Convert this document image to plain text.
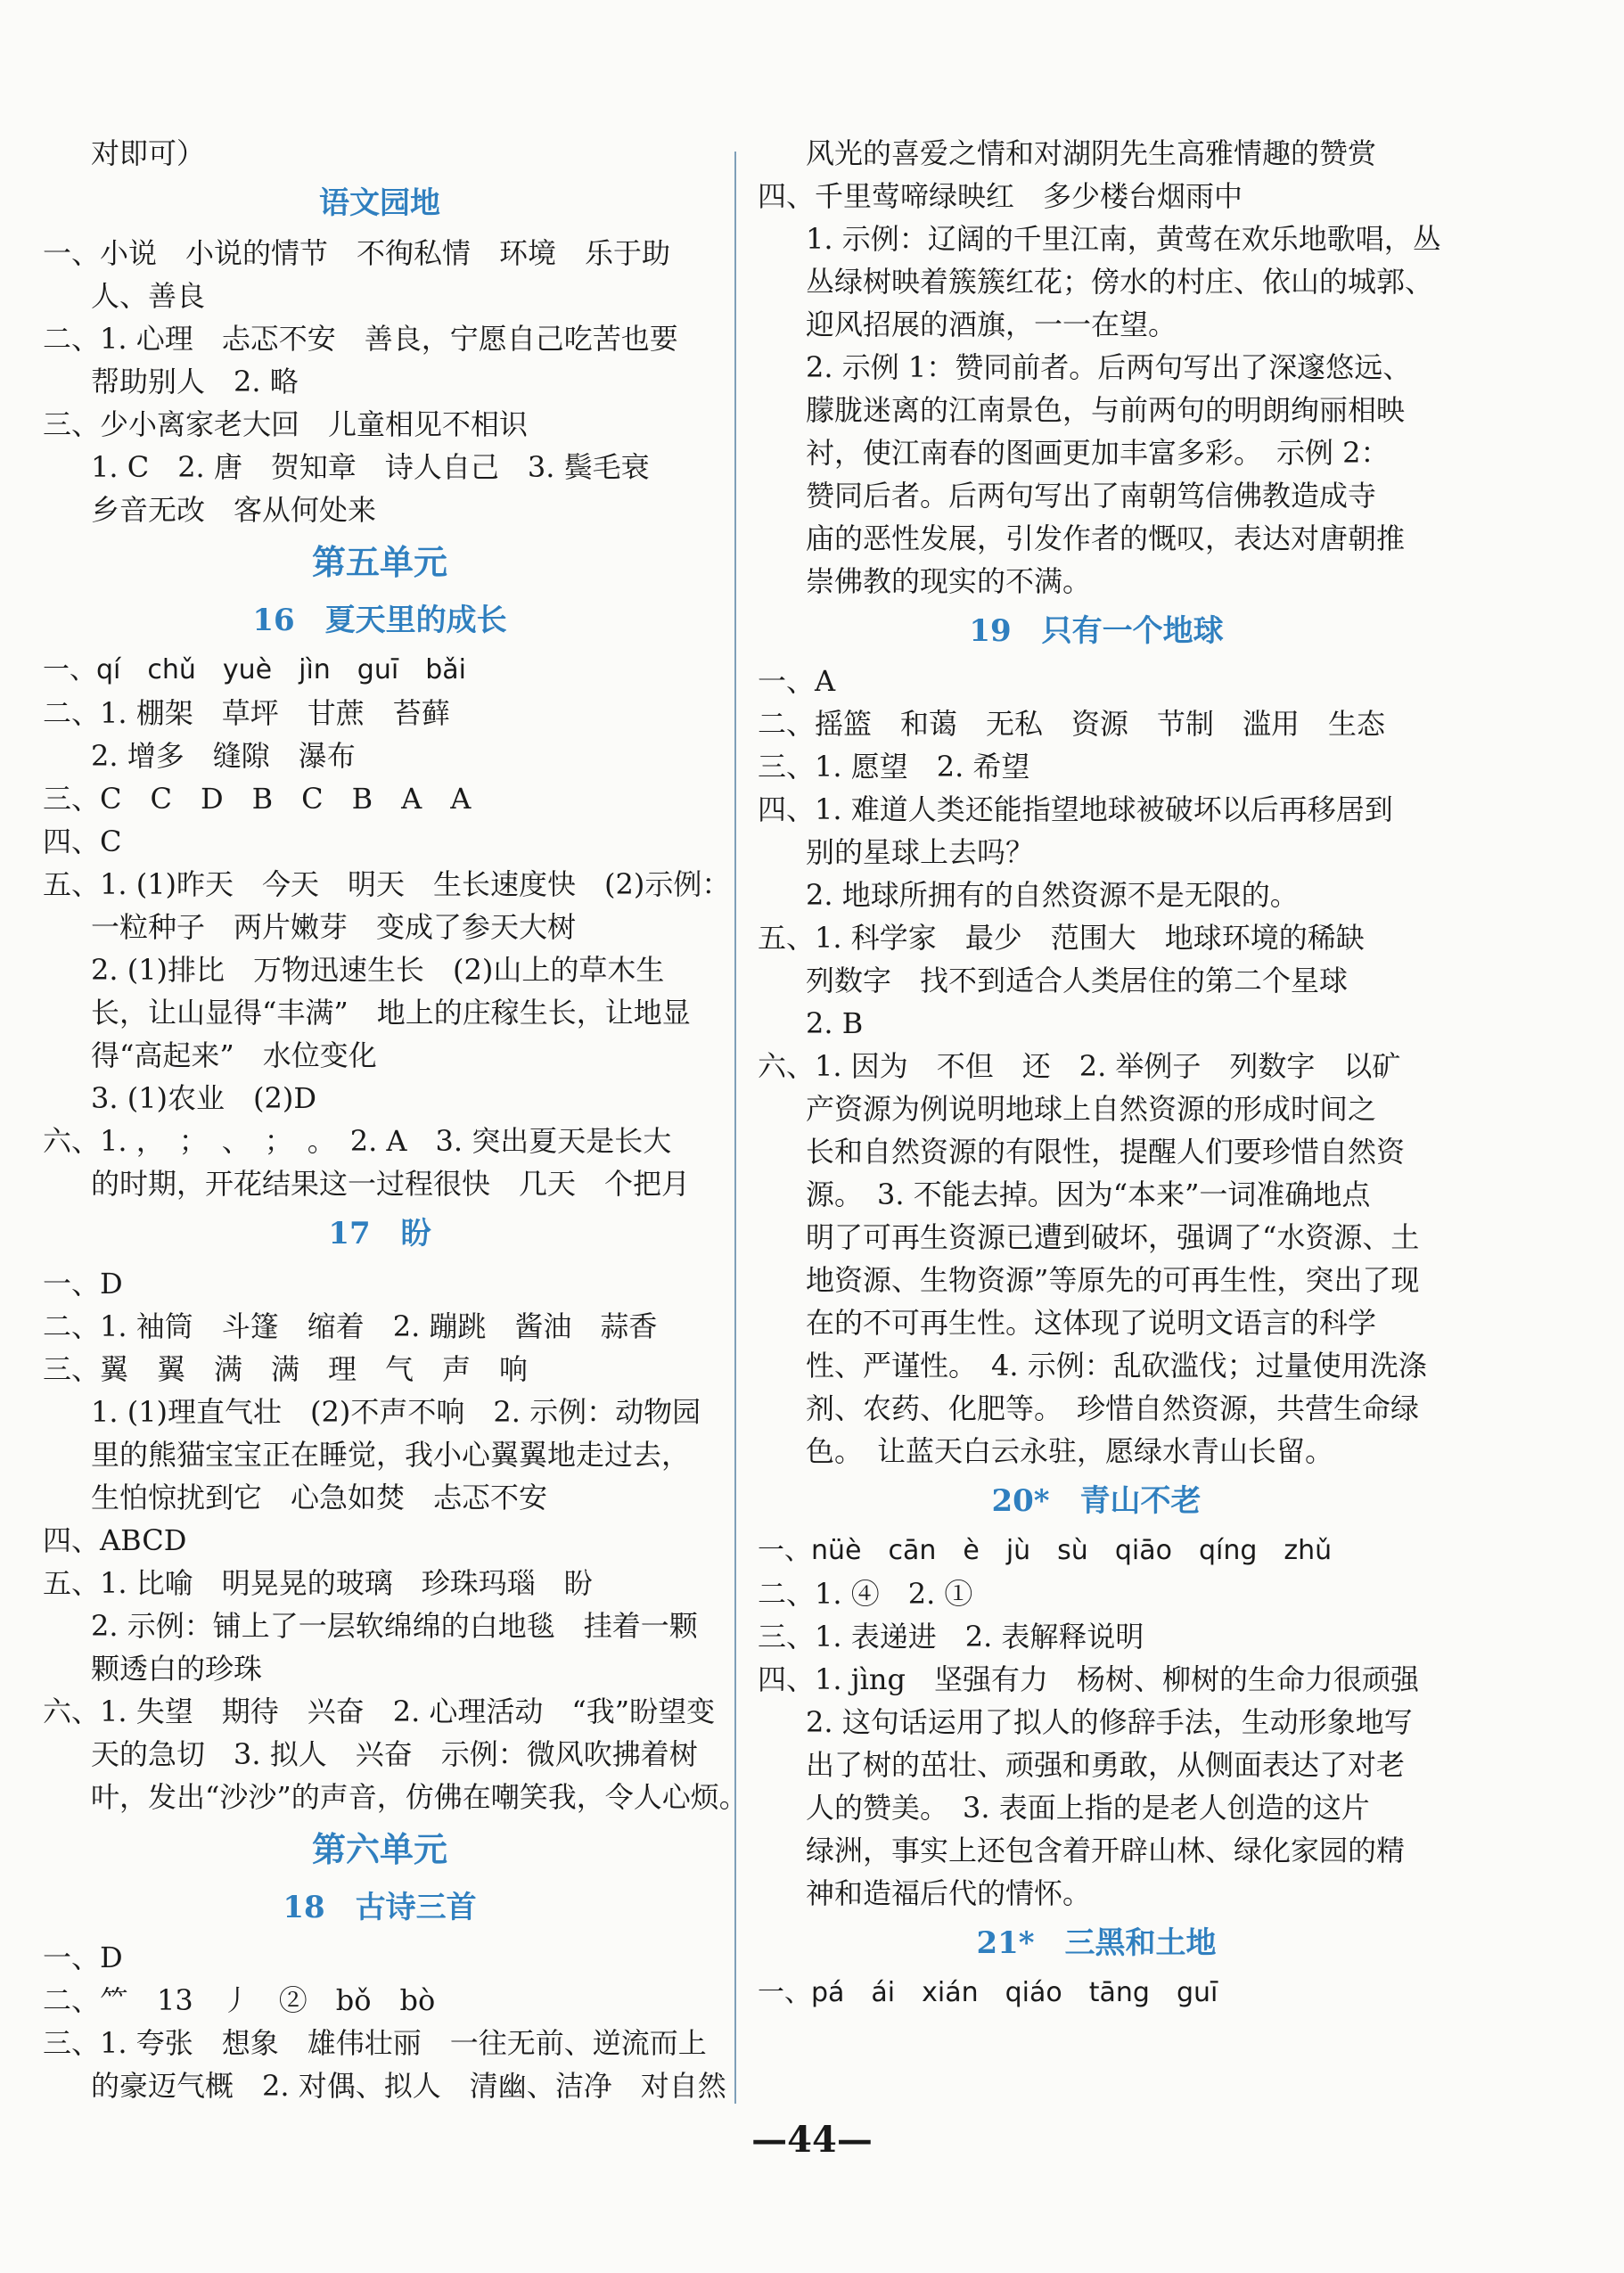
对即可）
语文园地
一、小说　小说的情节　不徇私情　环境　乐于助
人、善良
二、1. 心理　忐忑不安　善良，宁愿自己吃苦也要
帮助别人　2. 略
三、少小离家老大回　儿童相见不相识
1. C　2. 唐　贺知章　诗人自己　3. 鬓毛衰
乡音无改　客从何处来
第五单元
16　夏天里的成长
一、qí　chǔ　yuè　jìn　guī　bǎi
二、1. 棚架　草坪　甘蔗　苔藓
2. 增多　缝隙　瀑布
三、C　C　D　B　C　B　A　A
四、C
五、1. (1)昨天　今天　明天　生长速度快　(2)示例：
一粒种子　两片嫩芽　变成了参天大树
2. (1)排比　万物迅速生长　(2)山上的草木生
长，让山显得“丰满”　地上的庄稼生长，让地显
得“高起来”　水位变化
3. (1)农业　(2)D
六、1. ，　；　、　；　。　2. A　3. 突出夏天是长大
的时期，开花结果这一过程很快　几天　个把月
17　盼
一、D
二、1. 袖筒　斗篷　缩着　2. 蹦跳　酱油　蒜香
三、翼　翼　满　满　理　气　声　响
1. (1)理直气壮　(2)不声不响　2. 示例：动物园
里的熊猫宝宝正在睡觉，我小心翼翼地走过去，
生怕惊扰到它　心急如焚　忐忑不安
四、ABCD
五、1. 比喻　明晃晃的玻璃　珍珠玛瑙　盼
2. 示例：铺上了一层软绵绵的白地毯　挂着一颗
颗透白的珍珠
六、1. 失望　期待　兴奋　2. 心理活动　“我”盼望变
天的急切　3. 拟人　兴奋　示例：微风吹拂着树
叶，发出“沙沙”的声音，仿佛在嘲笑我，令人心烦。
第六单元
18　古诗三首
一、D
二、⺮　13　丿　②　bǒ　bò
三、1. 夸张　想象　雄伟壮丽　一往无前、逆流而上
的豪迈气概　2. 对偶、拟人　清幽、洁净　对自然
风光的喜爱之情和对湖阴先生高雅情趣的赞赏
四、千里莺啼绿映红　多少楼台烟雨中
1. 示例：辽阔的千里江南，黄莺在欢乐地歌唱，丛
丛绿树映着簇簇红花；傍水的村庄、依山的城郭、
迎风招展的酒旗，一一在望。
2. 示例 1：赞同前者。后两句写出了深邃悠远、
朦胧迷离的江南景色，与前两句的明朗绚丽相映
衬，使江南春的图画更加丰富多彩。　示例 2：
赞同后者。后两句写出了南朝笃信佛教造成寺
庙的恶性发展，引发作者的慨叹，表达对唐朝推
崇佛教的现实的不满。
19　只有一个地球
一、A
二、摇篮　和蔼　无私　资源　节制　滥用　生态
三、1. 愿望　2. 希望
四、1. 难道人类还能指望地球被破坏以后再移居到
别的星球上去吗？
2. 地球所拥有的自然资源不是无限的。
五、1. 科学家　最少　范围大　地球环境的稀缺
列数字　找不到适合人类居住的第二个星球
2. B
六、1. 因为　不但　还　2. 举例子　列数字　以矿
产资源为例说明地球上自然资源的形成时间之
长和自然资源的有限性，提醒人们要珍惜自然资
源。　3. 不能去掉。因为“本来”一词准确地点
明了可再生资源已遭到破坏，强调了“水资源、土
地资源、生物资源”等原先的可再生性，突出了现
在的不可再生性。这体现了说明文语言的科学
性、严谨性。　4. 示例：乱砍滥伐；过量使用洗涤
剂、农药、化肥等。　珍惜自然资源，共营生命绿
色。　让蓝天白云永驻，愿绿水青山长留。
20*　青山不老
一、nüè　cān　è　jù　sù　qiāo　qíng　zhǔ
二、1. ④　2. ①
三、1. 表递进　2. 表解释说明
四、1. jìng　坚强有力　杨树、柳树的生命力很顽强
2. 这句话运用了拟人的修辞手法，生动形象地写
出了树的茁壮、顽强和勇敢，从侧面表达了对老
人的赞美。　3. 表面上指的是老人创造的这片
绿洲，事实上还包含着开辟山林、绿化家园的精
神和造福后代的情怀。
21*　三黑和土地
一、pá　ái　xián　qiáo　tāng　guī
—44—
